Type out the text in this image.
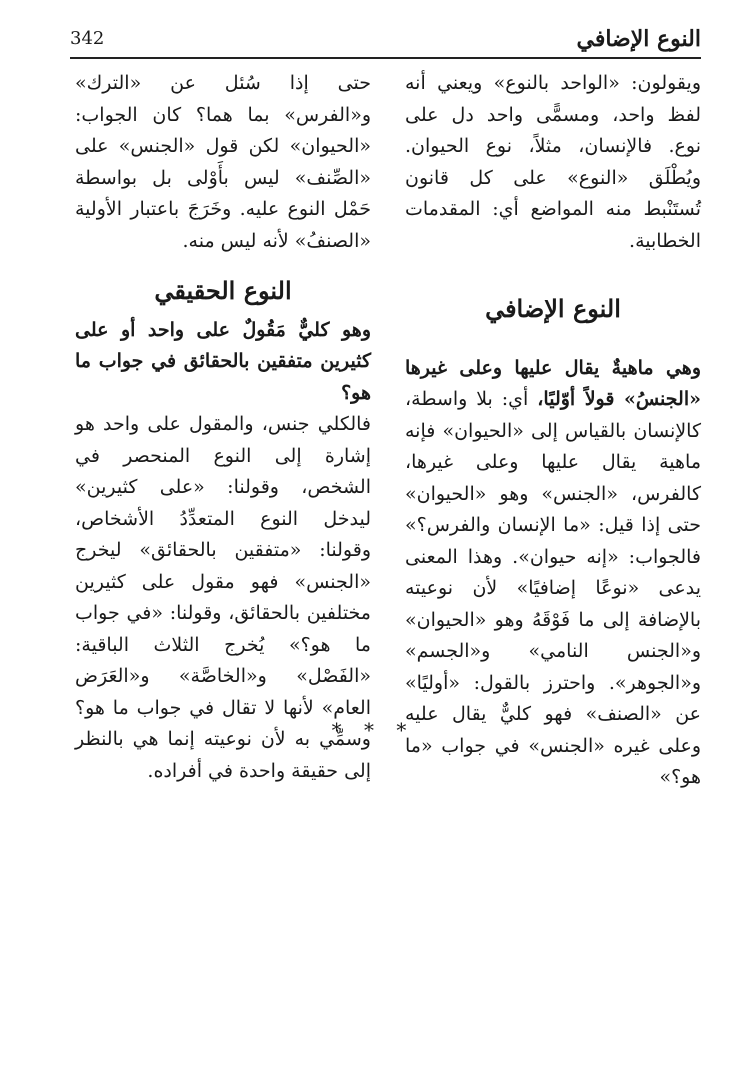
النوع الإضافي
342

ويقولون: «الواحد بالنوع» ويعني أنه لفظ واحد، ومسمًّى واحد دل على نوع. فالإنسان، مثلاً، نوع الحيوان. ويُطْلَق «النوع» على كل قانون تُستَنْبط منه المواضع أي: المقدمات الخطابية.

النوع الإضافي

وهي ماهيةٌ يقال عليها وعلى غيرها «الجنسُ» قولاً أوّليًا، أي: بلا واسطة، كالإنسان بالقياس إلى «الحيوان» فإنه ماهية يقال عليها وعلى غيرها، كالفرس، «الجنس» وهو «الحيوان» حتى إذا قيل: «ما الإنسان والفرس؟» فالجواب: «إنه حيوان». وهذا المعنى يدعى «نوعًا إضافيًا» لأن نوعيته بالإضافة إلى ما فَوْقَهُ وهو «الحيوان» و«الجنس النامي» و«الجسم» و«الجوهر». واحترز بالقول: «أوليًا» عن «الصنف» فهو كليٌّ يقال عليه وعلى غيره «الجنس» في جواب «ما هو؟»

حتى إذا سُئل عن «الترك» و«الفرس» بما هما؟ كان الجواب: «الحيوان» لكن قول «الجنس» على «الصِّنف» ليس بأَوْلى بل بواسطة حَمْل النوع عليه. وخَرَجَ باعتبار الأولية «الصنفُ» لأنه ليس منه.

النوع الحقيقي

وهو كليٌّ مَقُولٌ على واحد أو على كثيرين متفقين بالحقائق في جواب ما هو؟

فالكلي جنس، والمقول على واحد هو إشارة إلى النوع المنحصر في الشخص، وقولنا: «على كثيرين» ليدخل النوع المتعدِّدُ الأشخاص، وقولنا: «متفقين بالحقائق» ليخرج «الجنس» فهو مقول على كثيرين مختلفين بالحقائق، وقولنا: «في جواب ما هو؟» يُخرج الثلاث الباقية: «الفَصْل» و«الخاصَّة» و«العَرَض العام» لأنها لا تقال في جواب ما هو؟ وسمِّي به لأن نوعيته إنما هي بالنظر إلى حقيقة واحدة في أفراده.

* * *
